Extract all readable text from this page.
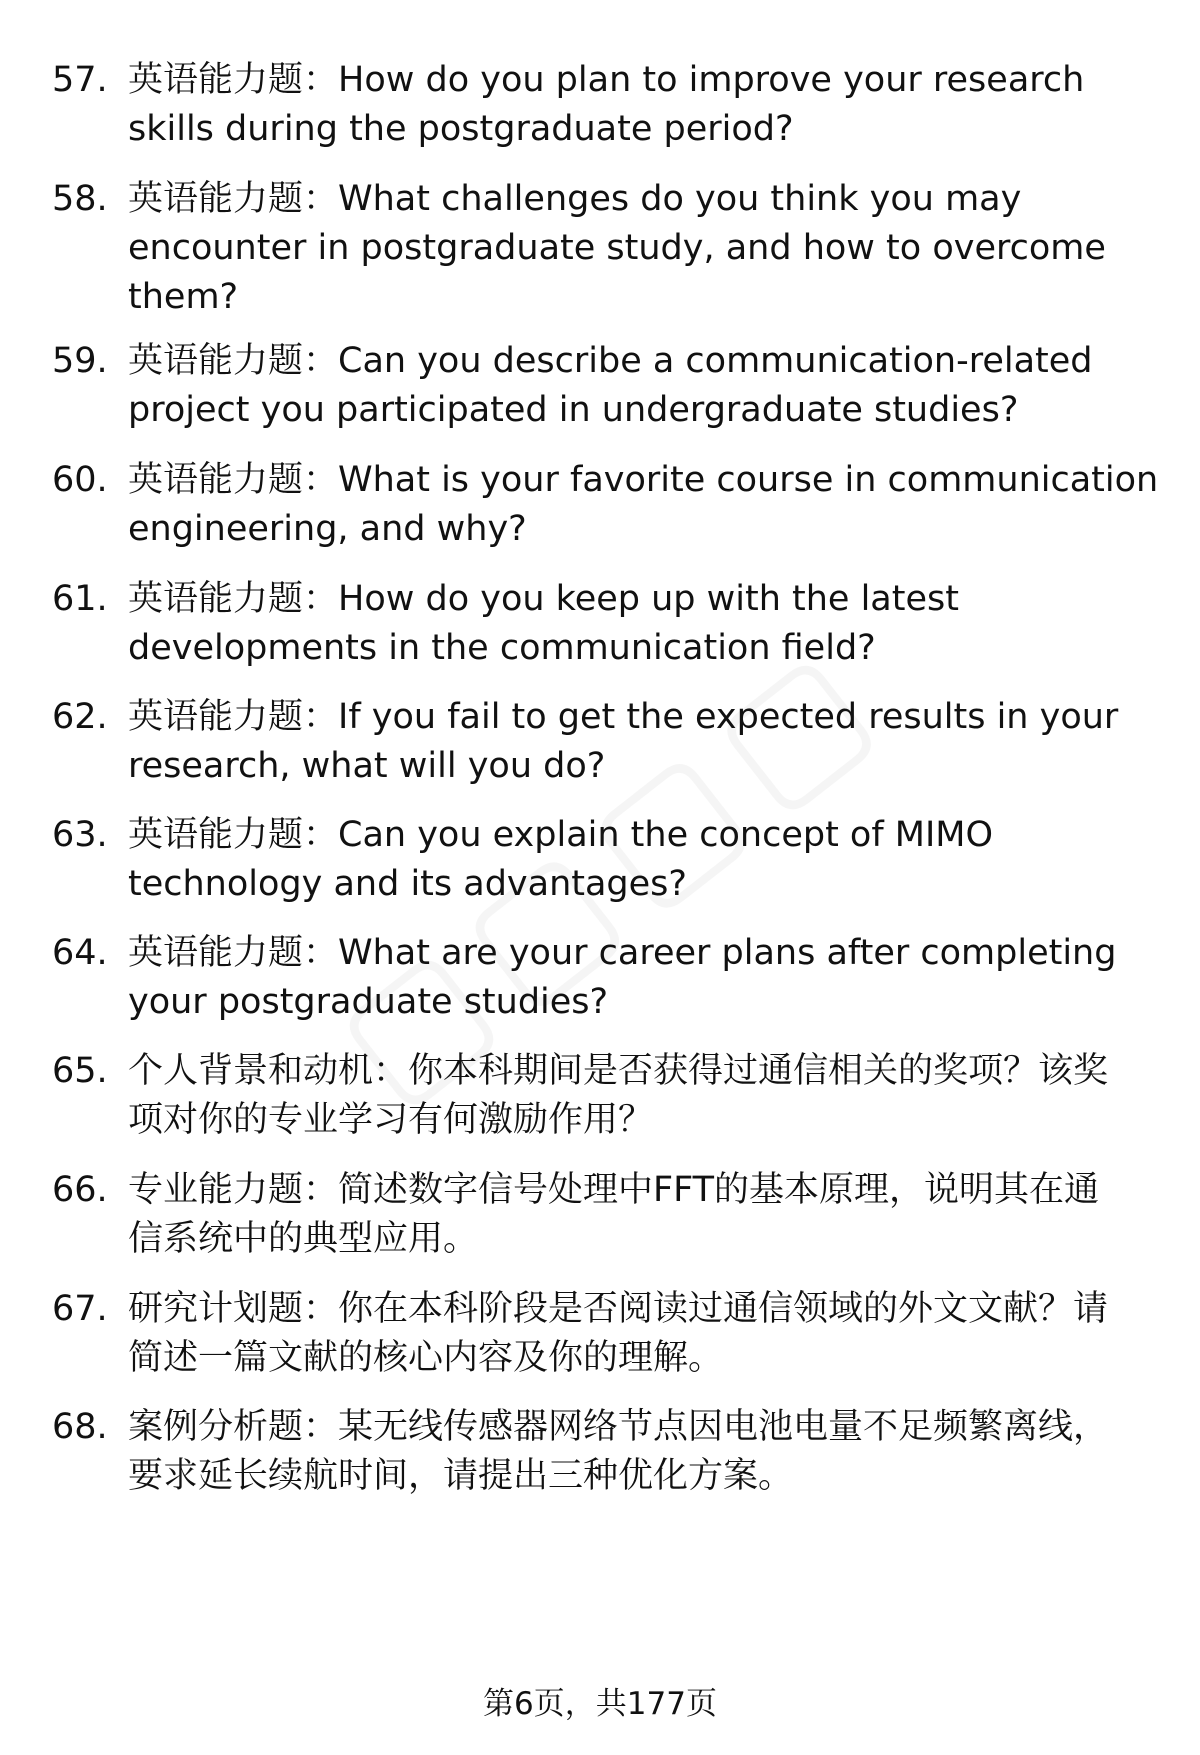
57. 英语能力题：How do you plan to improve your research
skills during the postgraduate period?
58. 英语能力题：What challenges do you think you may
encounter in postgraduate study, and how to overcome
them?
59. 英语能力题：Can you describe a communication-related
project you participated in undergraduate studies?
60. 英语能力题：What is your favorite course in communication
engineering, and why?
61. 英语能力题：How do you keep up with the latest
developments in the communication field?
62. 英语能力题：If you fail to get the expected results in your
research, what will you do?
63. 英语能力题：Can you explain the concept of MIMO
technology and its advantages?
64. 英语能力题：What are your career plans after completing
your postgraduate studies?
65. 个人背景和动机：你本科期间是否获得过通信相关的奖项？该奖
项对你的专业学习有何激励作用？
66. 专业能力题：简述数字信号处理中FFT的基本原理，说明其在通
信系统中的典型应用。
67. 研究计划题：你在本科阶段是否阅读过通信领域的外文文献？请
简述一篇文献的核心内容及你的理解。
68. 案例分析题：某无线传感器网络节点因电池电量不足频繁离线，
要求延长续航时间，请提出三种优化方案。
第6页，共177页
